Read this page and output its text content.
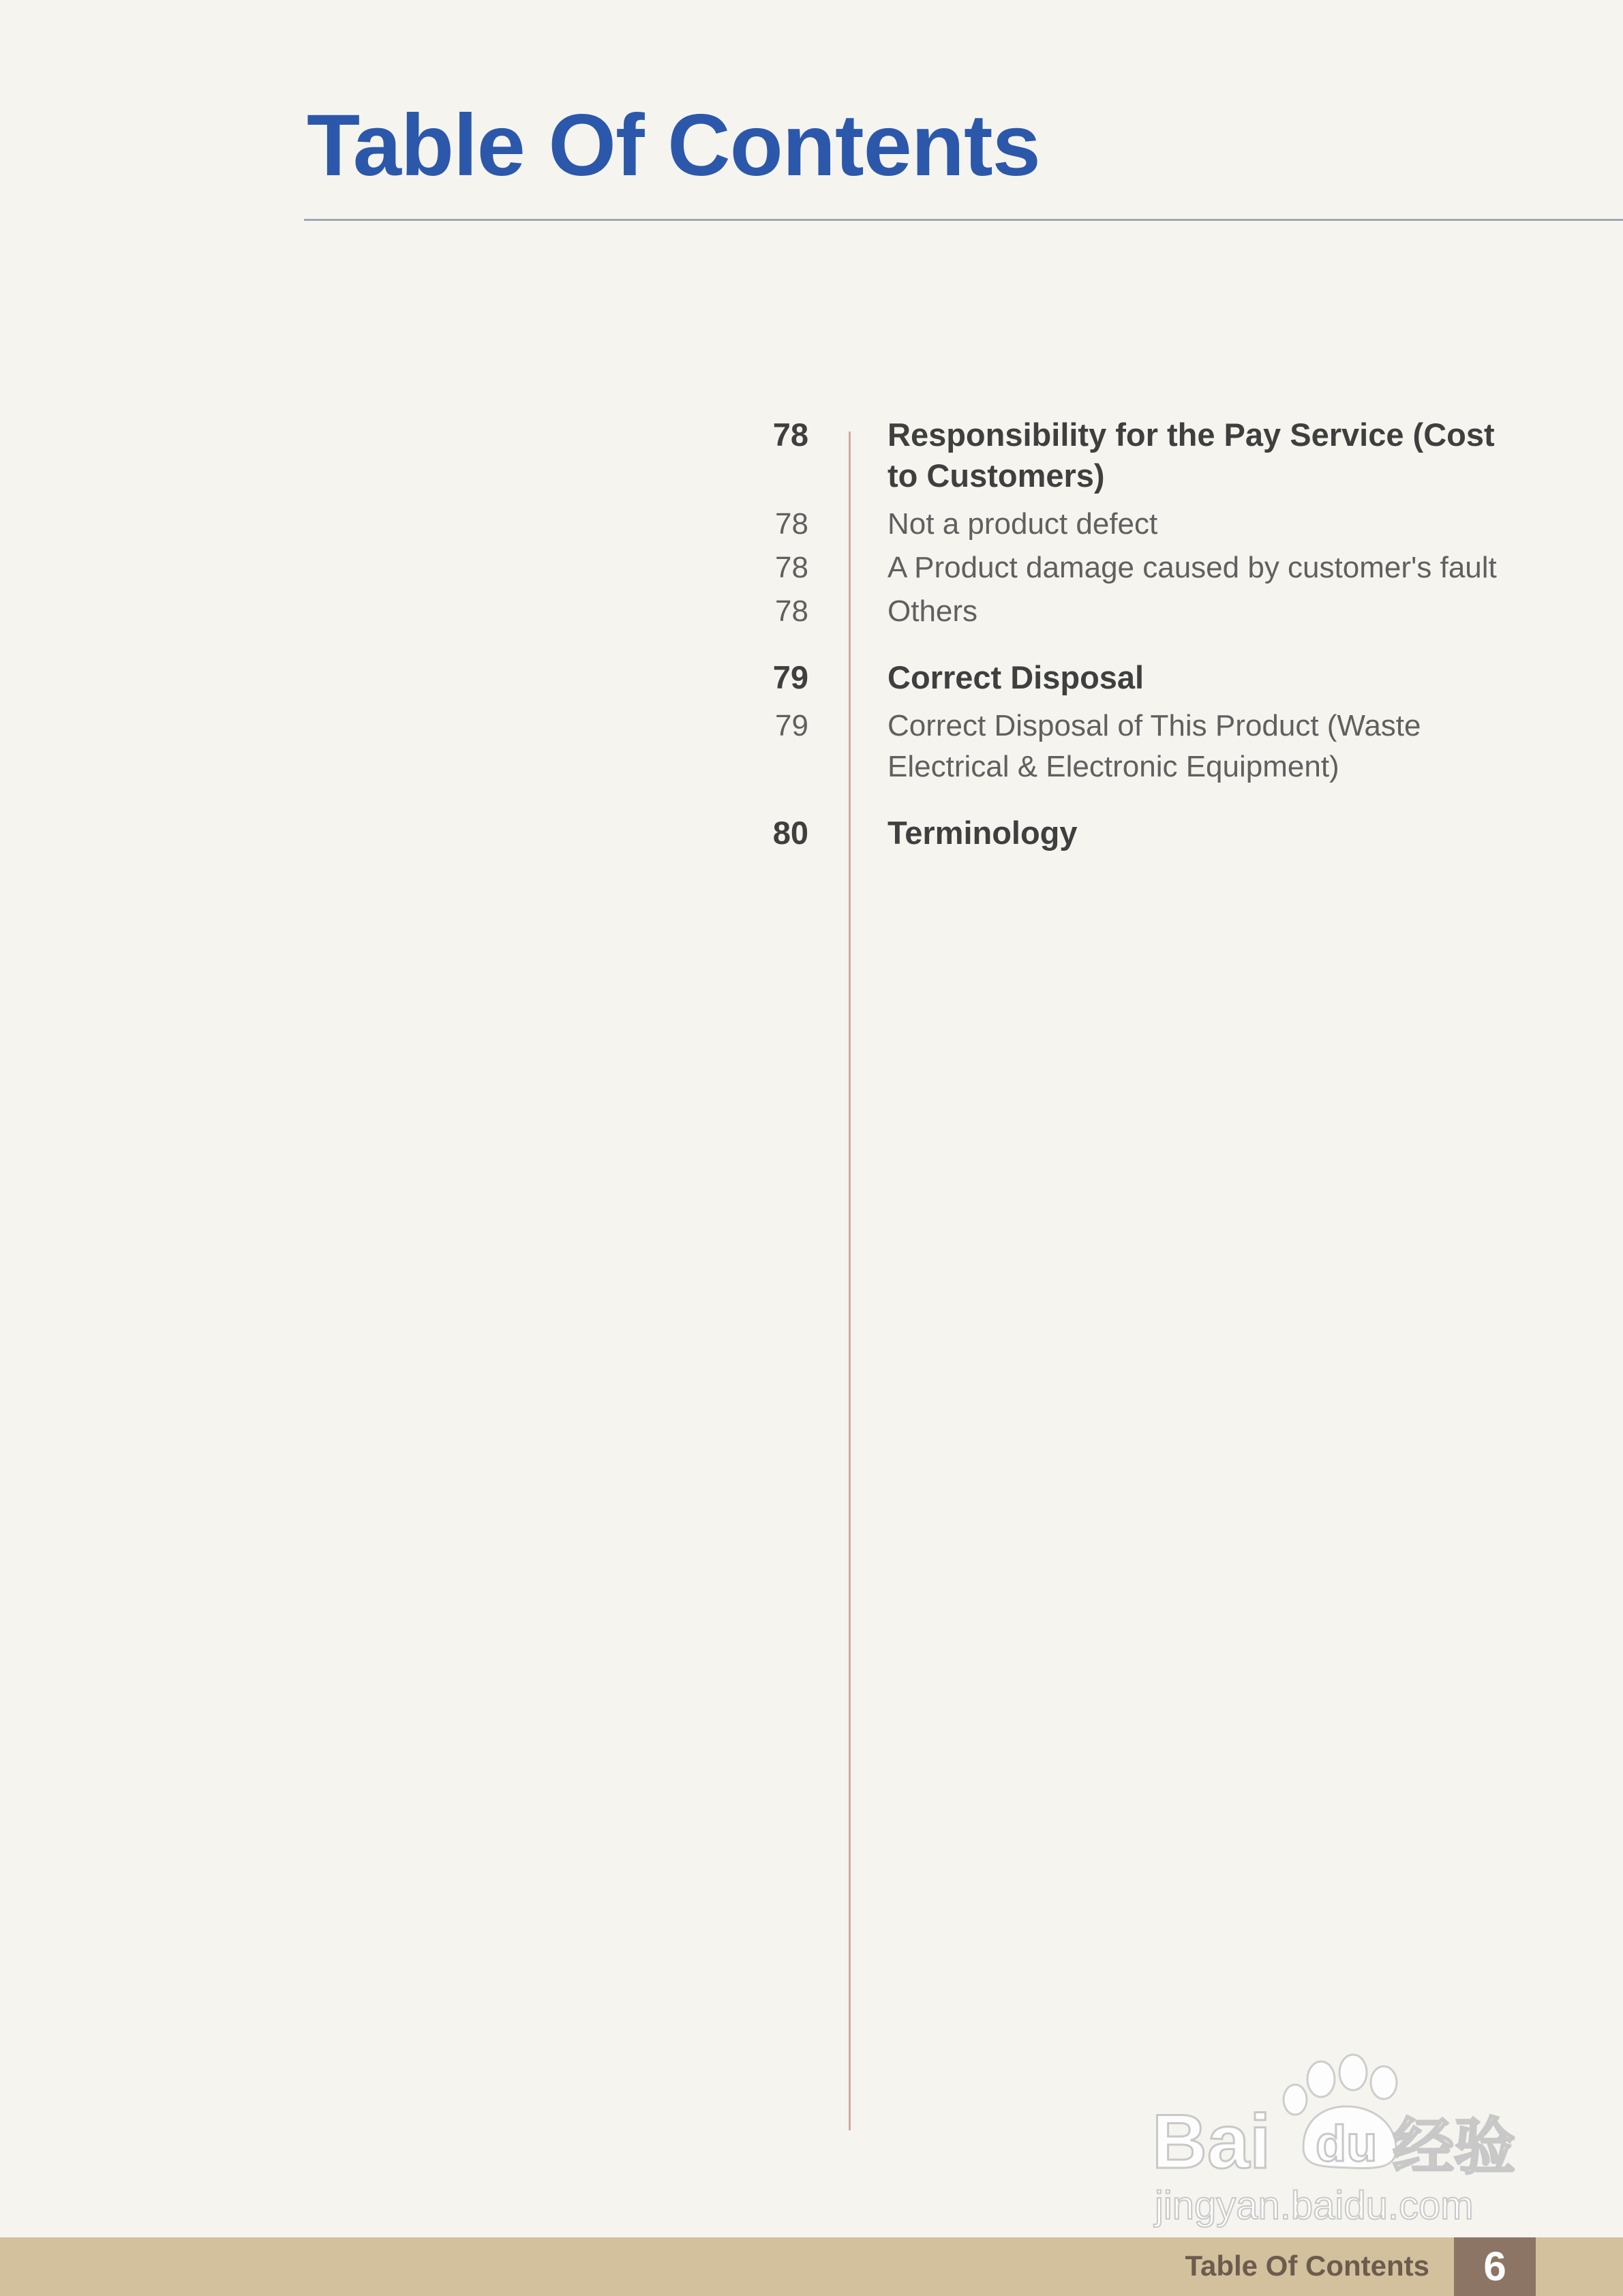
Table Of Contents
78 Responsibility for the Pay Service (Cost to Customers)
78	Not a product defect
78	A Product damage caused by customer's fault
78	Others
79 Correct Disposal
79	Correct Disposal of This Product (Waste Electrical & Electronic Equipment)
80 Terminology
Bai du 经验
jingyan.baidu.com
Table Of Contents	6
